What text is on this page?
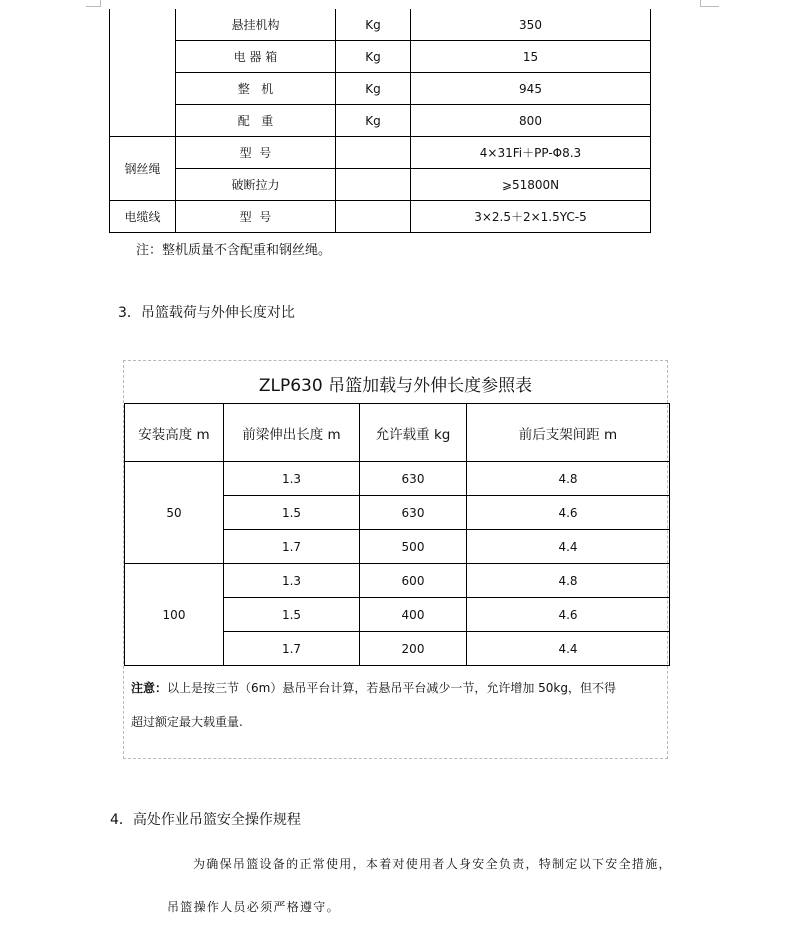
	悬挂机构	Kg	350
	电 器 箱	Kg	15
	整   机	Kg	945
	配   重	Kg	800
钢丝绳	型  号		4×31Fi＋PP-Φ8.3
	破断拉力		⩾51800N
电缆线	型  号		3×2.5＋2×1.5YC-5
注：整机质量不含配重和钢丝绳。
3．吊篮载荷与外伸长度对比
ZLP630 吊篮加载与外伸长度参照表
安装高度 m	前梁伸出长度 m	允许载重 kg	前后支架间距 m
50	1.3	630	4.8
	1.5	630	4.6
	1.7	500	4.4
100	1.3	600	4.8
	1.5	400	4.6
	1.7	200	4.4
注意：以上是按三节（6m）悬吊平台计算，若悬吊平台减少一节，允许增加 50kg，但不得
超过额定最大载重量.
4．高处作业吊篮安全操作规程
为确保吊篮设备的正常使用，本着对使用者人身安全负责，特制定以下安全措施，
吊篮操作人员必须严格遵守。
